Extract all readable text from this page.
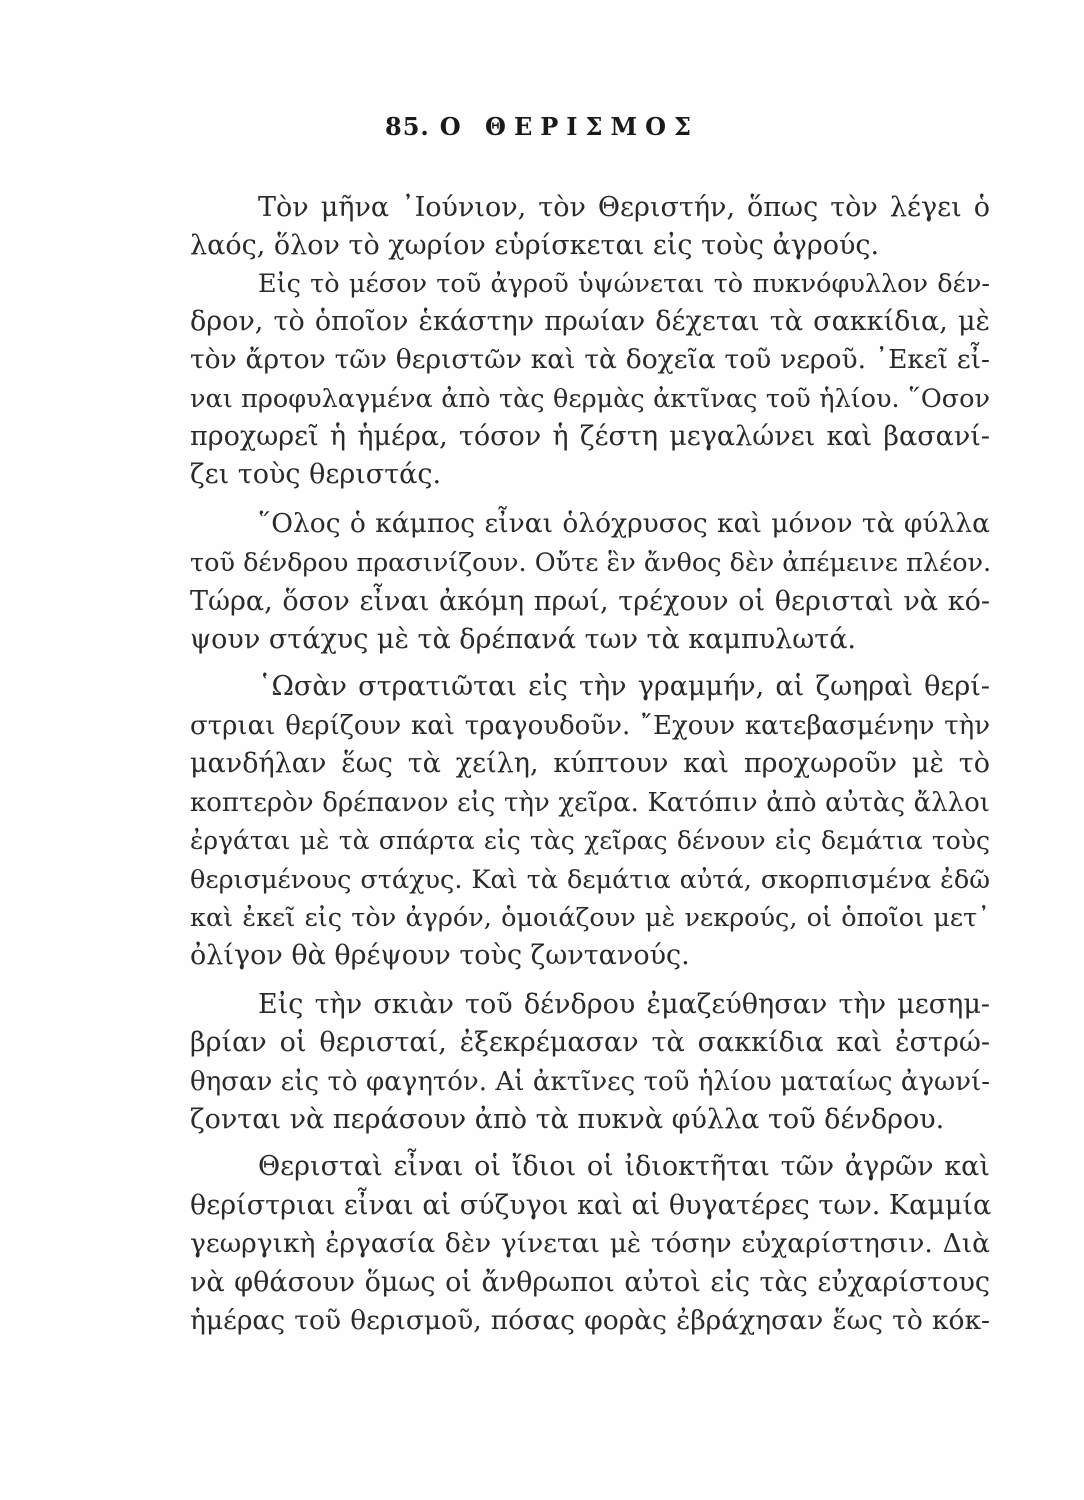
85. Ο ΘΕΡΙΣΜΟΣ
Τὸν μῆνα ᾿Ιούνιον, τὸν Θεριστήν, ὅπως τὸν λέγει ὁ
λαός, ὅλον τὸ χωρίον εὑρίσκεται εἰς τοὺς ἀγρούς.
Εἰς τὸ μέσον τοῦ ἀγροῦ ὑψώνεται τὸ πυκνόφυλλον δέν-
δρον, τὸ ὁποῖον ἑκάστην πρωίαν δέχεται τὰ σακκίδια, μὲ
τὸν ἄρτον τῶν θεριστῶν καὶ τὰ δοχεῖα τοῦ νεροῦ. ᾿Εκεῖ εἶ-
ναι προφυλαγμένα ἀπὸ τὰς θερμὰς ἀκτῖνας τοῦ ἡλίου. ῞Οσον
προχωρεῖ ἡ ἡμέρα, τόσον ἡ ζέστη μεγαλώνει καὶ βασανί-
ζει τοὺς θεριστάς.
῞Ολος ὁ κάμπος εἶναι ὁλόχρυσος καὶ μόνον τὰ φύλλα
τοῦ δένδρου πρασινίζουν. Οὔτε ἓν ἄνθος δὲν ἀπέμεινε πλέον.
Τώρα, ὅσον εἶναι ἀκόμη πρωί, τρέχουν οἱ θερισταὶ νὰ κό-
ψουν στάχυς μὲ τὰ δρέπανά των τὰ καμπυλωτά.
῾Ωσὰν στρατιῶται εἰς τὴν γραμμήν, αἱ ζωηραὶ θερί-
στριαι θερίζουν καὶ τραγουδοῦν. ῎Εχουν κατεβασμένην τὴν
μανδήλαν ἕως τὰ χείλη, κύπτουν καὶ προχωροῦν μὲ τὸ
κοπτερὸν δρέπανον εἰς τὴν χεῖρα. Κατόπιν ἀπὸ αὐτὰς ἄλλοι
ἐργάται μὲ τὰ σπάρτα εἰς τὰς χεῖρας δένουν εἰς δεμάτια τοὺς
θερισμένους στάχυς. Καὶ τὰ δεμάτια αὐτά, σκορπισμένα ἐδῶ
καὶ ἐκεῖ εἰς τὸν ἀγρόν, ὁμοιάζουν μὲ νεκρούς, οἱ ὁποῖοι μετ᾿
ὀλίγον θὰ θρέψουν τοὺς ζωντανούς.
Εἰς τὴν σκιὰν τοῦ δένδρου ἐμαζεύθησαν τὴν μεσημ-
βρίαν οἱ θερισταί, ἐξεκρέμασαν τὰ σακκίδια καὶ ἐστρώ-
θησαν εἰς τὸ φαγητόν. Αἱ ἀκτῖνες τοῦ ἡλίου ματαίως ἀγωνί-
ζονται νὰ περάσουν ἀπὸ τὰ πυκνὰ φύλλα τοῦ δένδρου.
Θερισταὶ εἶναι οἱ ἴδιοι οἱ ἰδιοκτῆται τῶν ἀγρῶν καὶ
θερίστριαι εἶναι αἱ σύζυγοι καὶ αἱ θυγατέρες των. Καμμία
γεωργικὴ ἐργασία δὲν γίνεται μὲ τόσην εὐχαρίστησιν. Διὰ
νὰ φθάσουν ὅμως οἱ ἄνθρωποι αὐτοὶ εἰς τὰς εὐχαρίστους
ἡμέρας τοῦ θερισμοῦ, πόσας φορὰς ἐβράχησαν ἕως τὸ κόκ-
